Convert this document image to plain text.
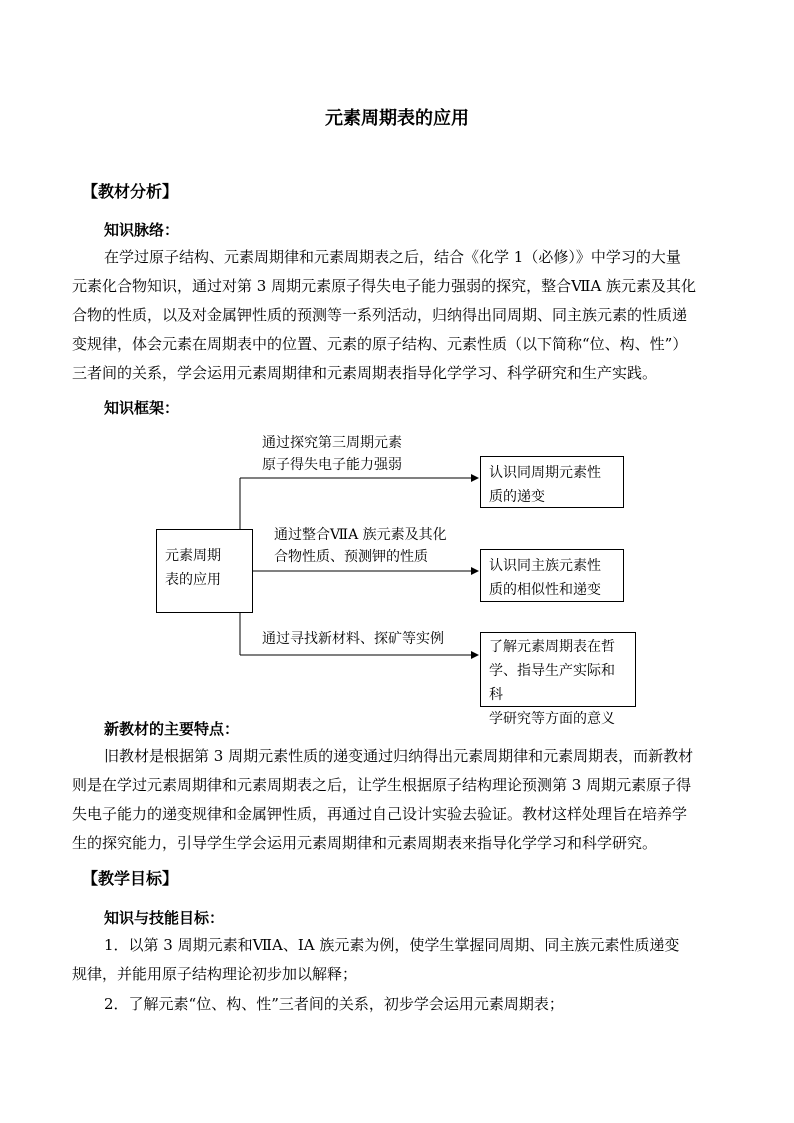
元素周期表的应用
【教材分析】
知识脉络：
在学过原子结构、元素周期律和元素周期表之后，结合《化学 1（必修）》中学习的大量
元素化合物知识，通过对第 3 周期元素原子得失电子能力强弱的探究，整合ⅦA 族元素及其化
合物的性质，以及对金属钾性质的预测等一系列活动，归纳得出同周期、同主族元素的性质递
变规律，体会元素在周期表中的位置、元素的原子结构、元素性质（以下简称“位、构、性”）
三者间的关系，学会运用元素周期律和元素周期表指导化学学习、科学研究和生产实践。
知识框架：
元素周期
表的应用
通过探究第三周期元素
原子得失电子能力强弱
通过整合ⅦA 族元素及其化
合物性质、预测钾的性质
通过寻找新材料、探矿等实例
认识同周期元素性
质的递变
认识同主族元素性
质的相似性和递变
了解元素周期表在哲
学、指导生产实际和科
学研究等方面的意义
新教材的主要特点：
旧教材是根据第 3 周期元素性质的递变通过归纳得出元素周期律和元素周期表，而新教材
则是在学过元素周期律和元素周期表之后，让学生根据原子结构理论预测第 3 周期元素原子得
失电子能力的递变规律和金属钾性质，再通过自己设计实验去验证。教材这样处理旨在培养学
生的探究能力，引导学生学会运用元素周期律和元素周期表来指导化学学习和科学研究。
【教学目标】
知识与技能目标：
1．以第 3 周期元素和ⅦA、ⅠA 族元素为例，使学生掌握同周期、同主族元素性质递变
规律，并能用原子结构理论初步加以解释；
2．了解元素“位、构、性”三者间的关系，初步学会运用元素周期表；
